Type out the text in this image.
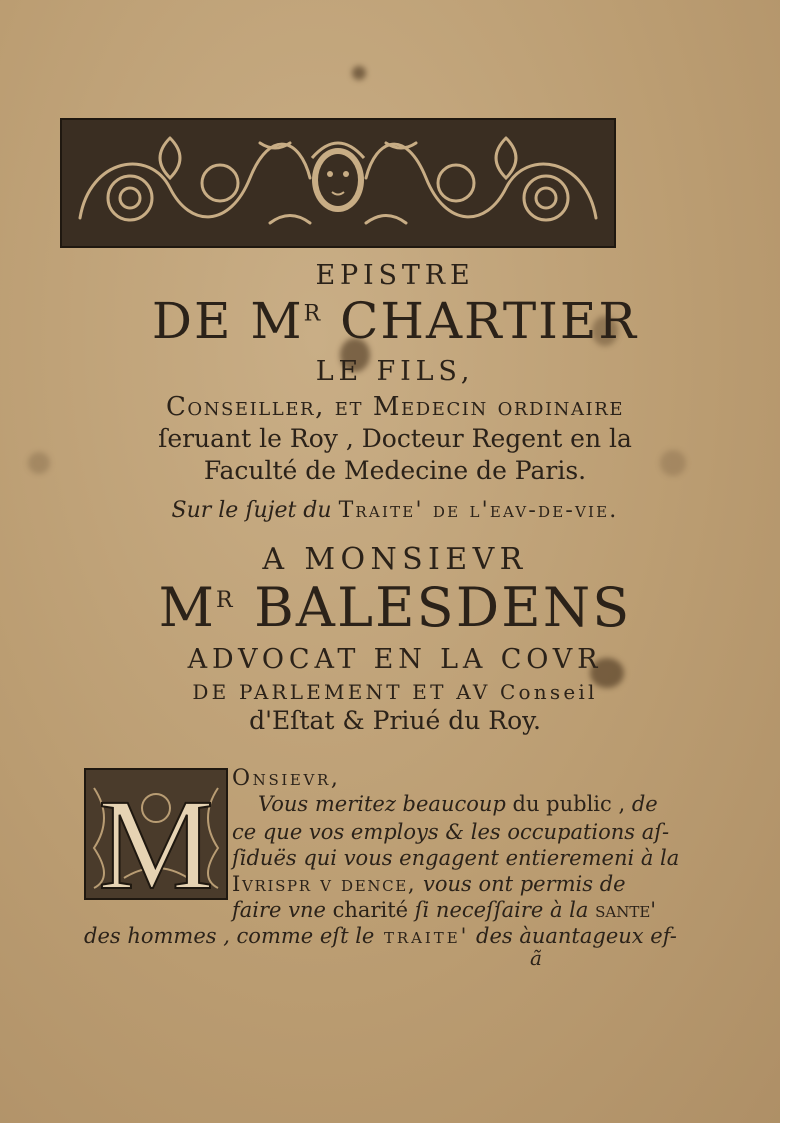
EPISTRE
DE $M^R$ CHARTIER
LE FILS,
Conseiller, et Medecin ordinaire
ſeruant le Roy , Docteur Regent en la
Faculté de Medecine de Paris.
Sur le ſujet du Traite' de l'eav-de-vie.
A MONSIEVR
$M^R$ BALESDENS
ADVOCAT EN LA COVR
DE PARLEMENT ET AV Conseil
d'Eſtat & Priué du Roy.
M Onsievr,
Vous meritez beaucoup du public , de
ce que vos employs & les occupations aſ-
ſiduës qui vous engagent entieremeni à la
Ivrispr v dence, vous ont permis de
faire vne charité ſi neceſſaire à la sante'
des hommes , comme eſt le traite' des àuantageux ef-
ã
